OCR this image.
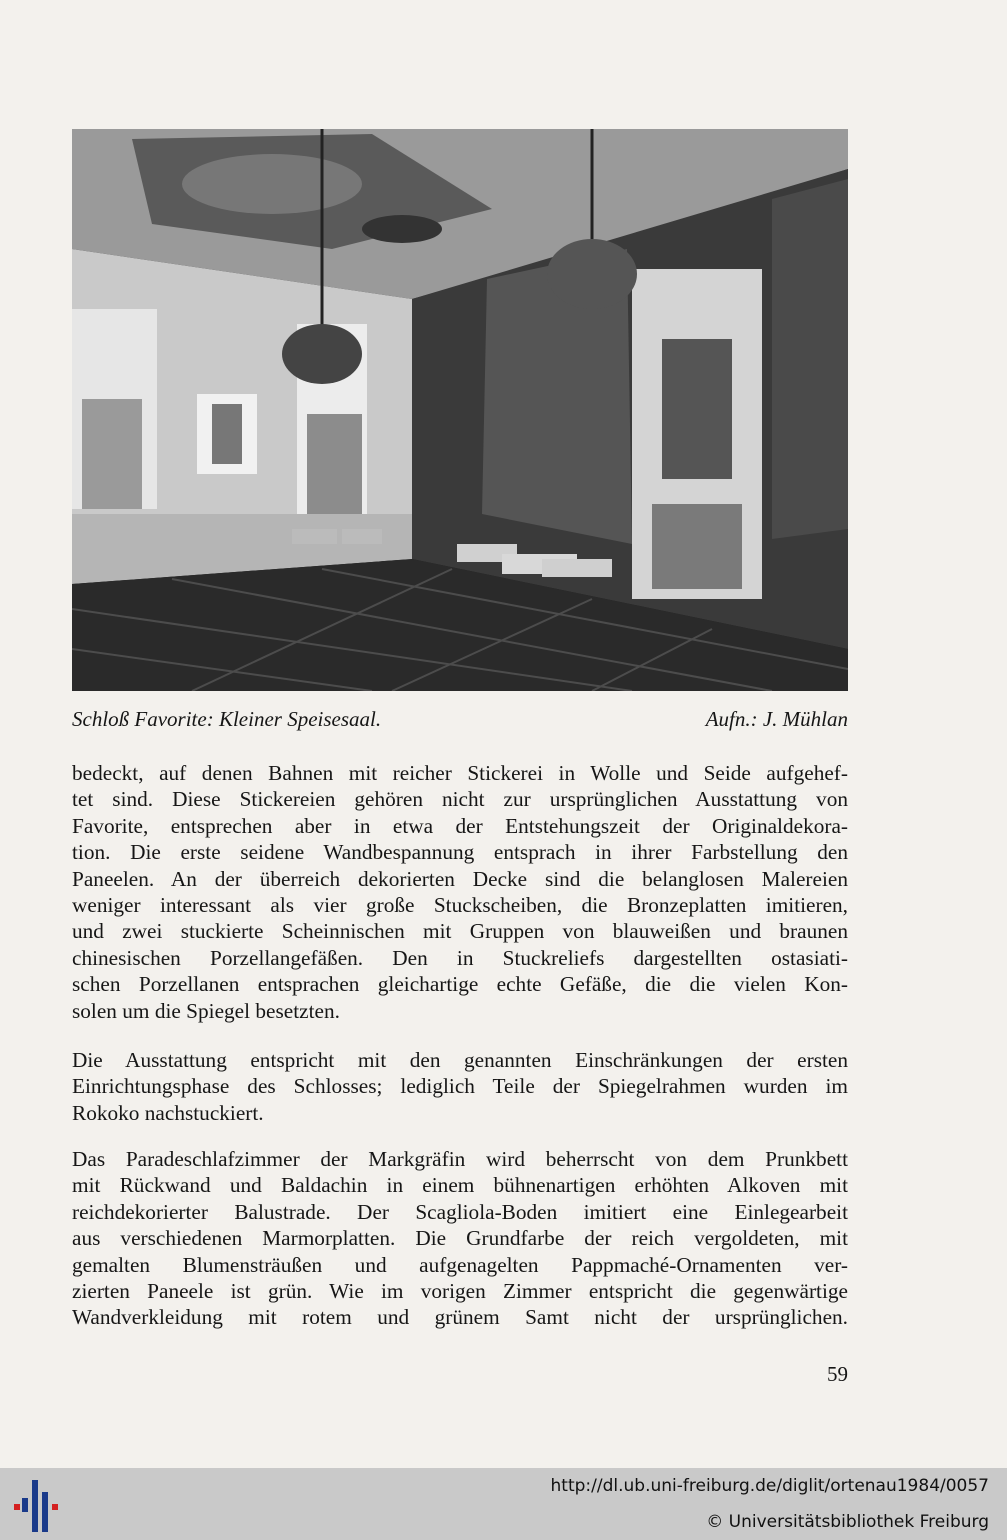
Schloß Favorite: Kleiner Speisesaal.	Aufn.: J. Mühlan
bedeckt, auf denen Bahnen mit reicher Stickerei in Wolle und Seide aufgehef-
tet sind. Diese Stickereien gehören nicht zur ursprünglichen Ausstattung von
Favorite, entsprechen aber in etwa der Entstehungszeit der Originaldekora-
tion. Die erste seidene Wandbespannung entsprach in ihrer Farbstellung den
Paneelen. An der überreich dekorierten Decke sind die belanglosen Malereien
weniger interessant als vier große Stuckscheiben, die Bronzeplatten imitieren,
und zwei stuckierte Scheinnischen mit Gruppen von blauweißen und braunen
chinesischen Porzellangefäßen. Den in Stuckreliefs dargestellten ostasiati-
schen Porzellanen entsprachen gleichartige echte Gefäße, die die vielen Kon-
solen um die Spiegel besetzten.
Die Ausstattung entspricht mit den genannten Einschränkungen der ersten
Einrichtungsphase des Schlosses; lediglich Teile der Spiegelrahmen wurden im
Rokoko nachstuckiert.
Das Paradeschlafzimmer der Markgräfin wird beherrscht von dem Prunkbett
mit Rückwand und Baldachin in einem bühnenartigen erhöhten Alkoven mit
reichdekorierter Balustrade. Der Scagliola-Boden imitiert eine Einlegearbeit
aus verschiedenen Marmorplatten. Die Grundfarbe der reich vergoldeten, mit
gemalten Blumensträußen und aufgenagelten Pappmaché-Ornamenten ver-
zierten Paneele ist grün. Wie im vorigen Zimmer entspricht die gegenwärtige
Wandverkleidung mit rotem und grünem Samt nicht der ursprünglichen.
59
http://dl.ub.uni-freiburg.de/diglit/ortenau1984/0057
© Universitätsbibliothek Freiburg
